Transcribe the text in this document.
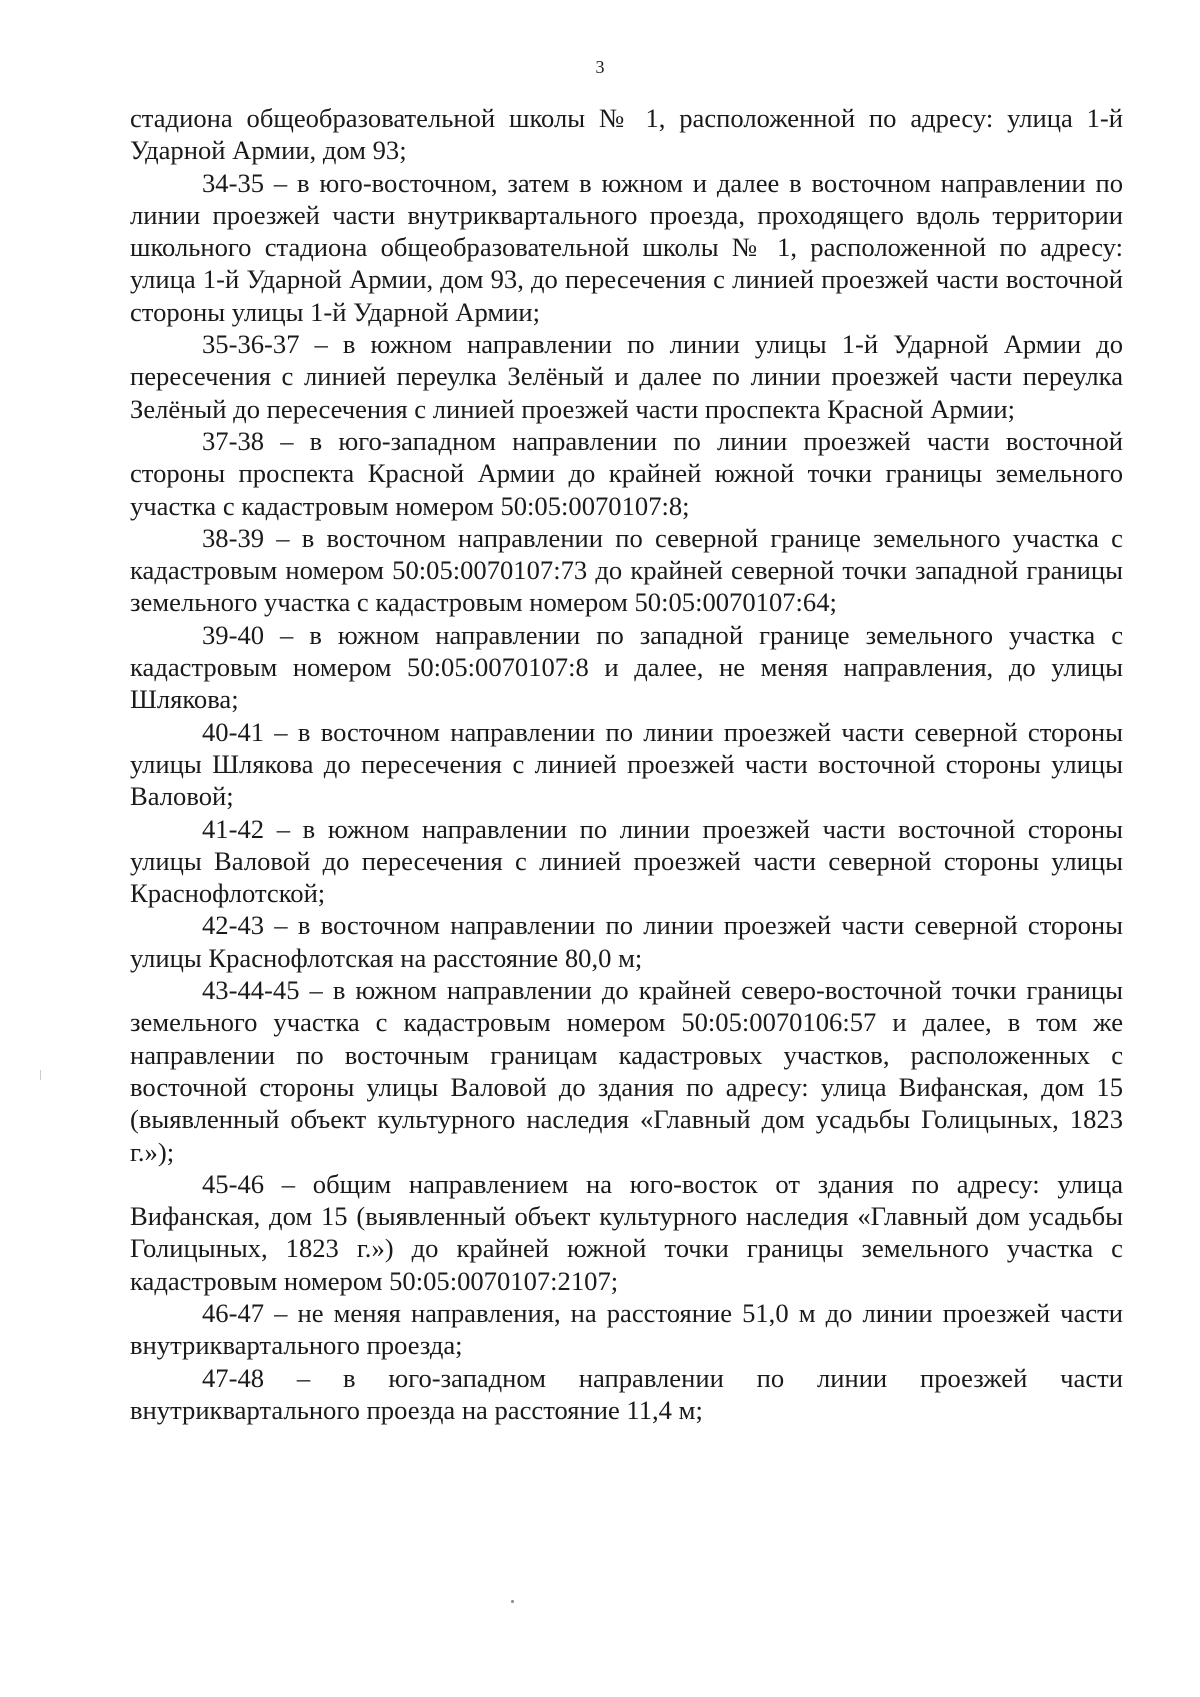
3

стадиона общеобразовательной школы № 1, расположенной по адресу: улица 1-й Ударной Армии, дом 93;

34-35 – в юго-восточном, затем в южном и далее в восточном направлении по линии проезжей части внутриквартального проезда, проходящего вдоль территории школьного стадиона общеобразовательной школы № 1, расположенной по адресу: улица 1-й Ударной Армии, дом 93, до пересечения с линией проезжей части восточной стороны улицы 1-й Ударной Армии;

35-36-37 – в южном направлении по линии улицы 1-й Ударной Армии до пересечения с линией переулка Зелёный и далее по линии проезжей части переулка Зелёный до пересечения с линией проезжей части проспекта Красной Армии;

37-38 – в юго-западном направлении по линии проезжей части восточной стороны проспекта Красной Армии до крайней южной точки границы земельного участка с кадастровым номером 50:05:0070107:8;

38-39 – в восточном направлении по северной границе земельного участка с кадастровым номером 50:05:0070107:73 до крайней северной точки западной границы земельного участка с кадастровым номером 50:05:0070107:64;

39-40 – в южном направлении по западной границе земельного участка с кадастровым номером 50:05:0070107:8 и далее, не меняя направления, до улицы Шлякова;

40-41 – в восточном направлении по линии проезжей части северной стороны улицы Шлякова до пересечения с линией проезжей части восточной стороны улицы Валовой;

41-42 – в южном направлении по линии проезжей части восточной стороны улицы Валовой до пересечения с линией проезжей части северной стороны улицы Краснофлотской;

42-43 – в восточном направлении по линии проезжей части северной стороны улицы Краснофлотская на расстояние 80,0 м;

43-44-45 – в южном направлении до крайней северо-восточной точки границы земельного участка с кадастровым номером 50:05:0070106:57 и далее, в том же направлении по восточным границам кадастровых участков, расположенных с восточной стороны улицы Валовой до здания по адресу: улица Вифанская, дом 15 (выявленный объект культурного наследия «Главный дом усадьбы Голицыных, 1823 г.»);

45-46 – общим направлением на юго-восток от здания по адресу: улица Вифанская, дом 15 (выявленный объект культурного наследия «Главный дом усадьбы Голицыных, 1823 г.») до крайней южной точки границы земельного участка с кадастровым номером 50:05:0070107:2107;

46-47 – не меняя направления, на расстояние 51,0 м до линии проезжей части внутриквартального проезда;

47-48 – в юго-западном направлении по линии проезжей части внутриквартального проезда на расстояние 11,4 м;
